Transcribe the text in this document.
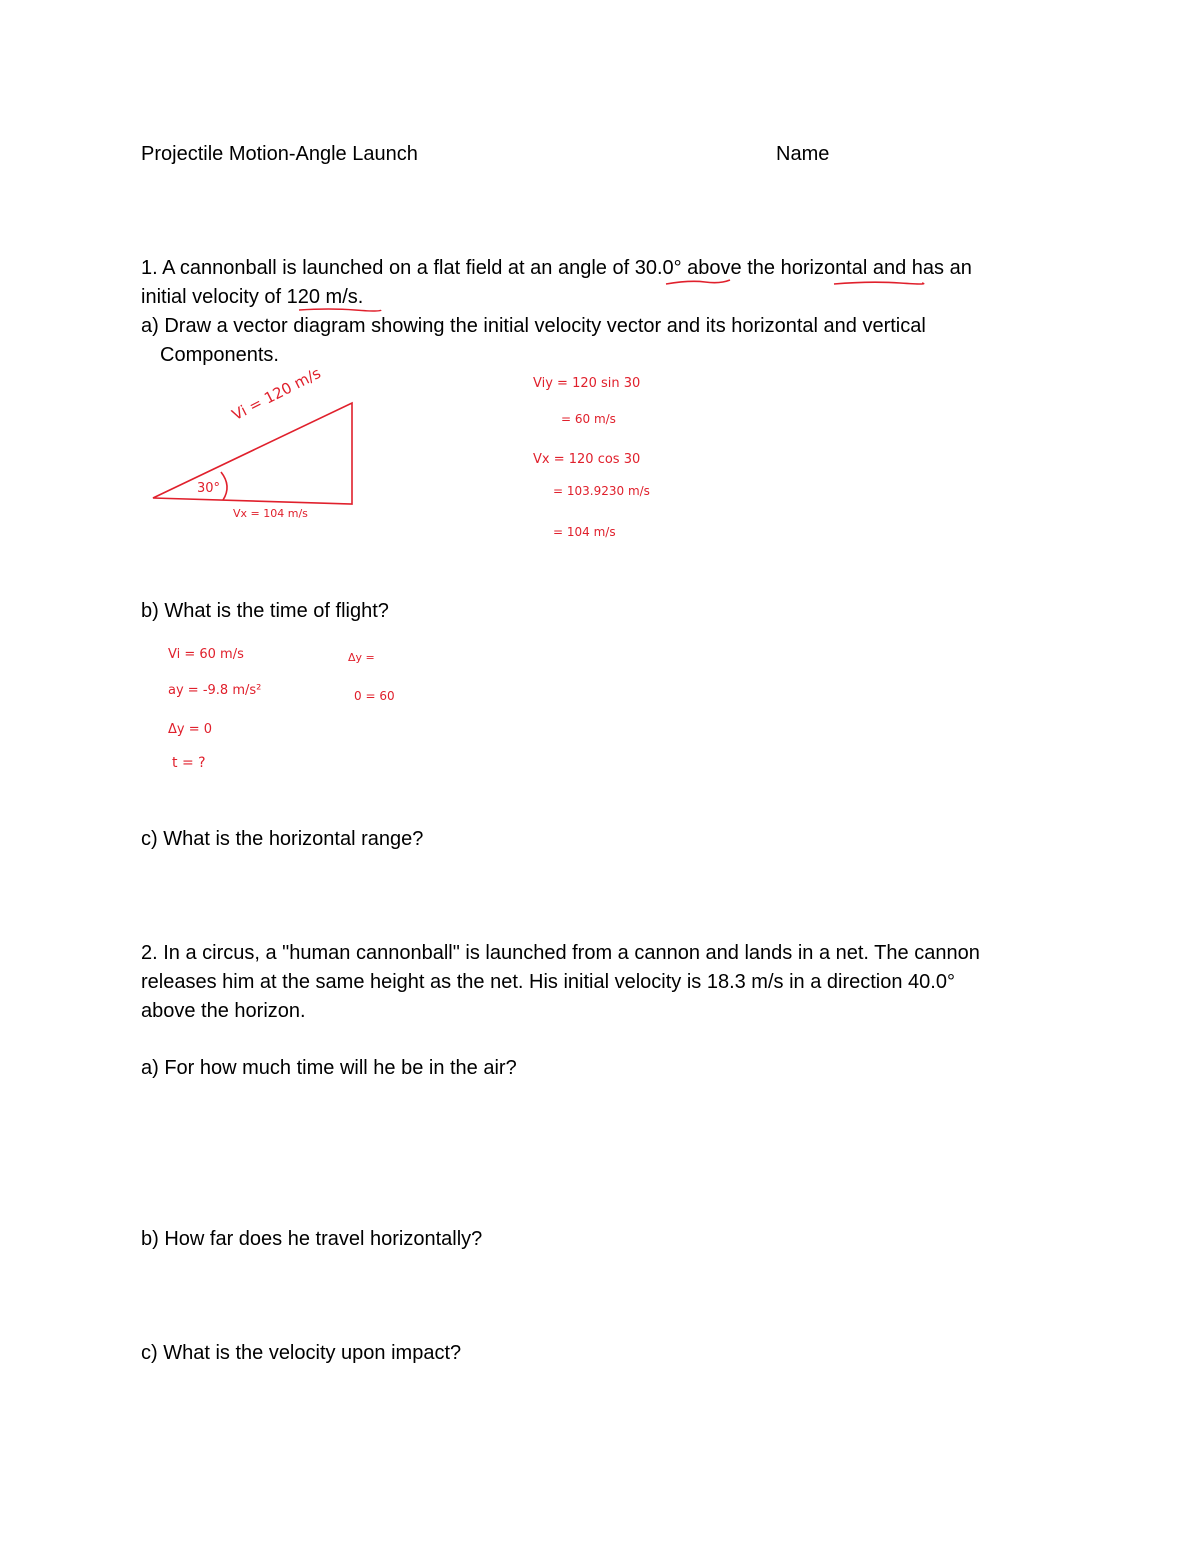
Projectile Motion-Angle Launch	Name
1. A cannonball is launched on a flat field at an angle of 30.0° above the horizontal and has an
initial velocity of 120 m/s.
a) Draw a vector diagram showing the initial velocity vector and its horizontal and vertical
Components.
b) What is the time of flight?
c) What is the horizontal range?
2. In a circus, a "human cannonball" is launched from a cannon and lands in a net. The cannon
releases him at the same height as the net. His initial velocity is 18.3 m/s in a direction 40.0°
above the horizon.
a) For how much time will he be in the air?
b) How far does he travel horizontally?
c) What is the velocity upon impact?
Vi = 120 m/s
30°
Vx = 104 m/s
Viy = 120 sin 30
= 60 m/s
Vx = 120 cos 30
= 103.9230 m/s
= 104 m/s
Vi = 60 m/s
ay = -9.8 m/s²
Δy = 0
t = ?
Δy =
0 = 60
